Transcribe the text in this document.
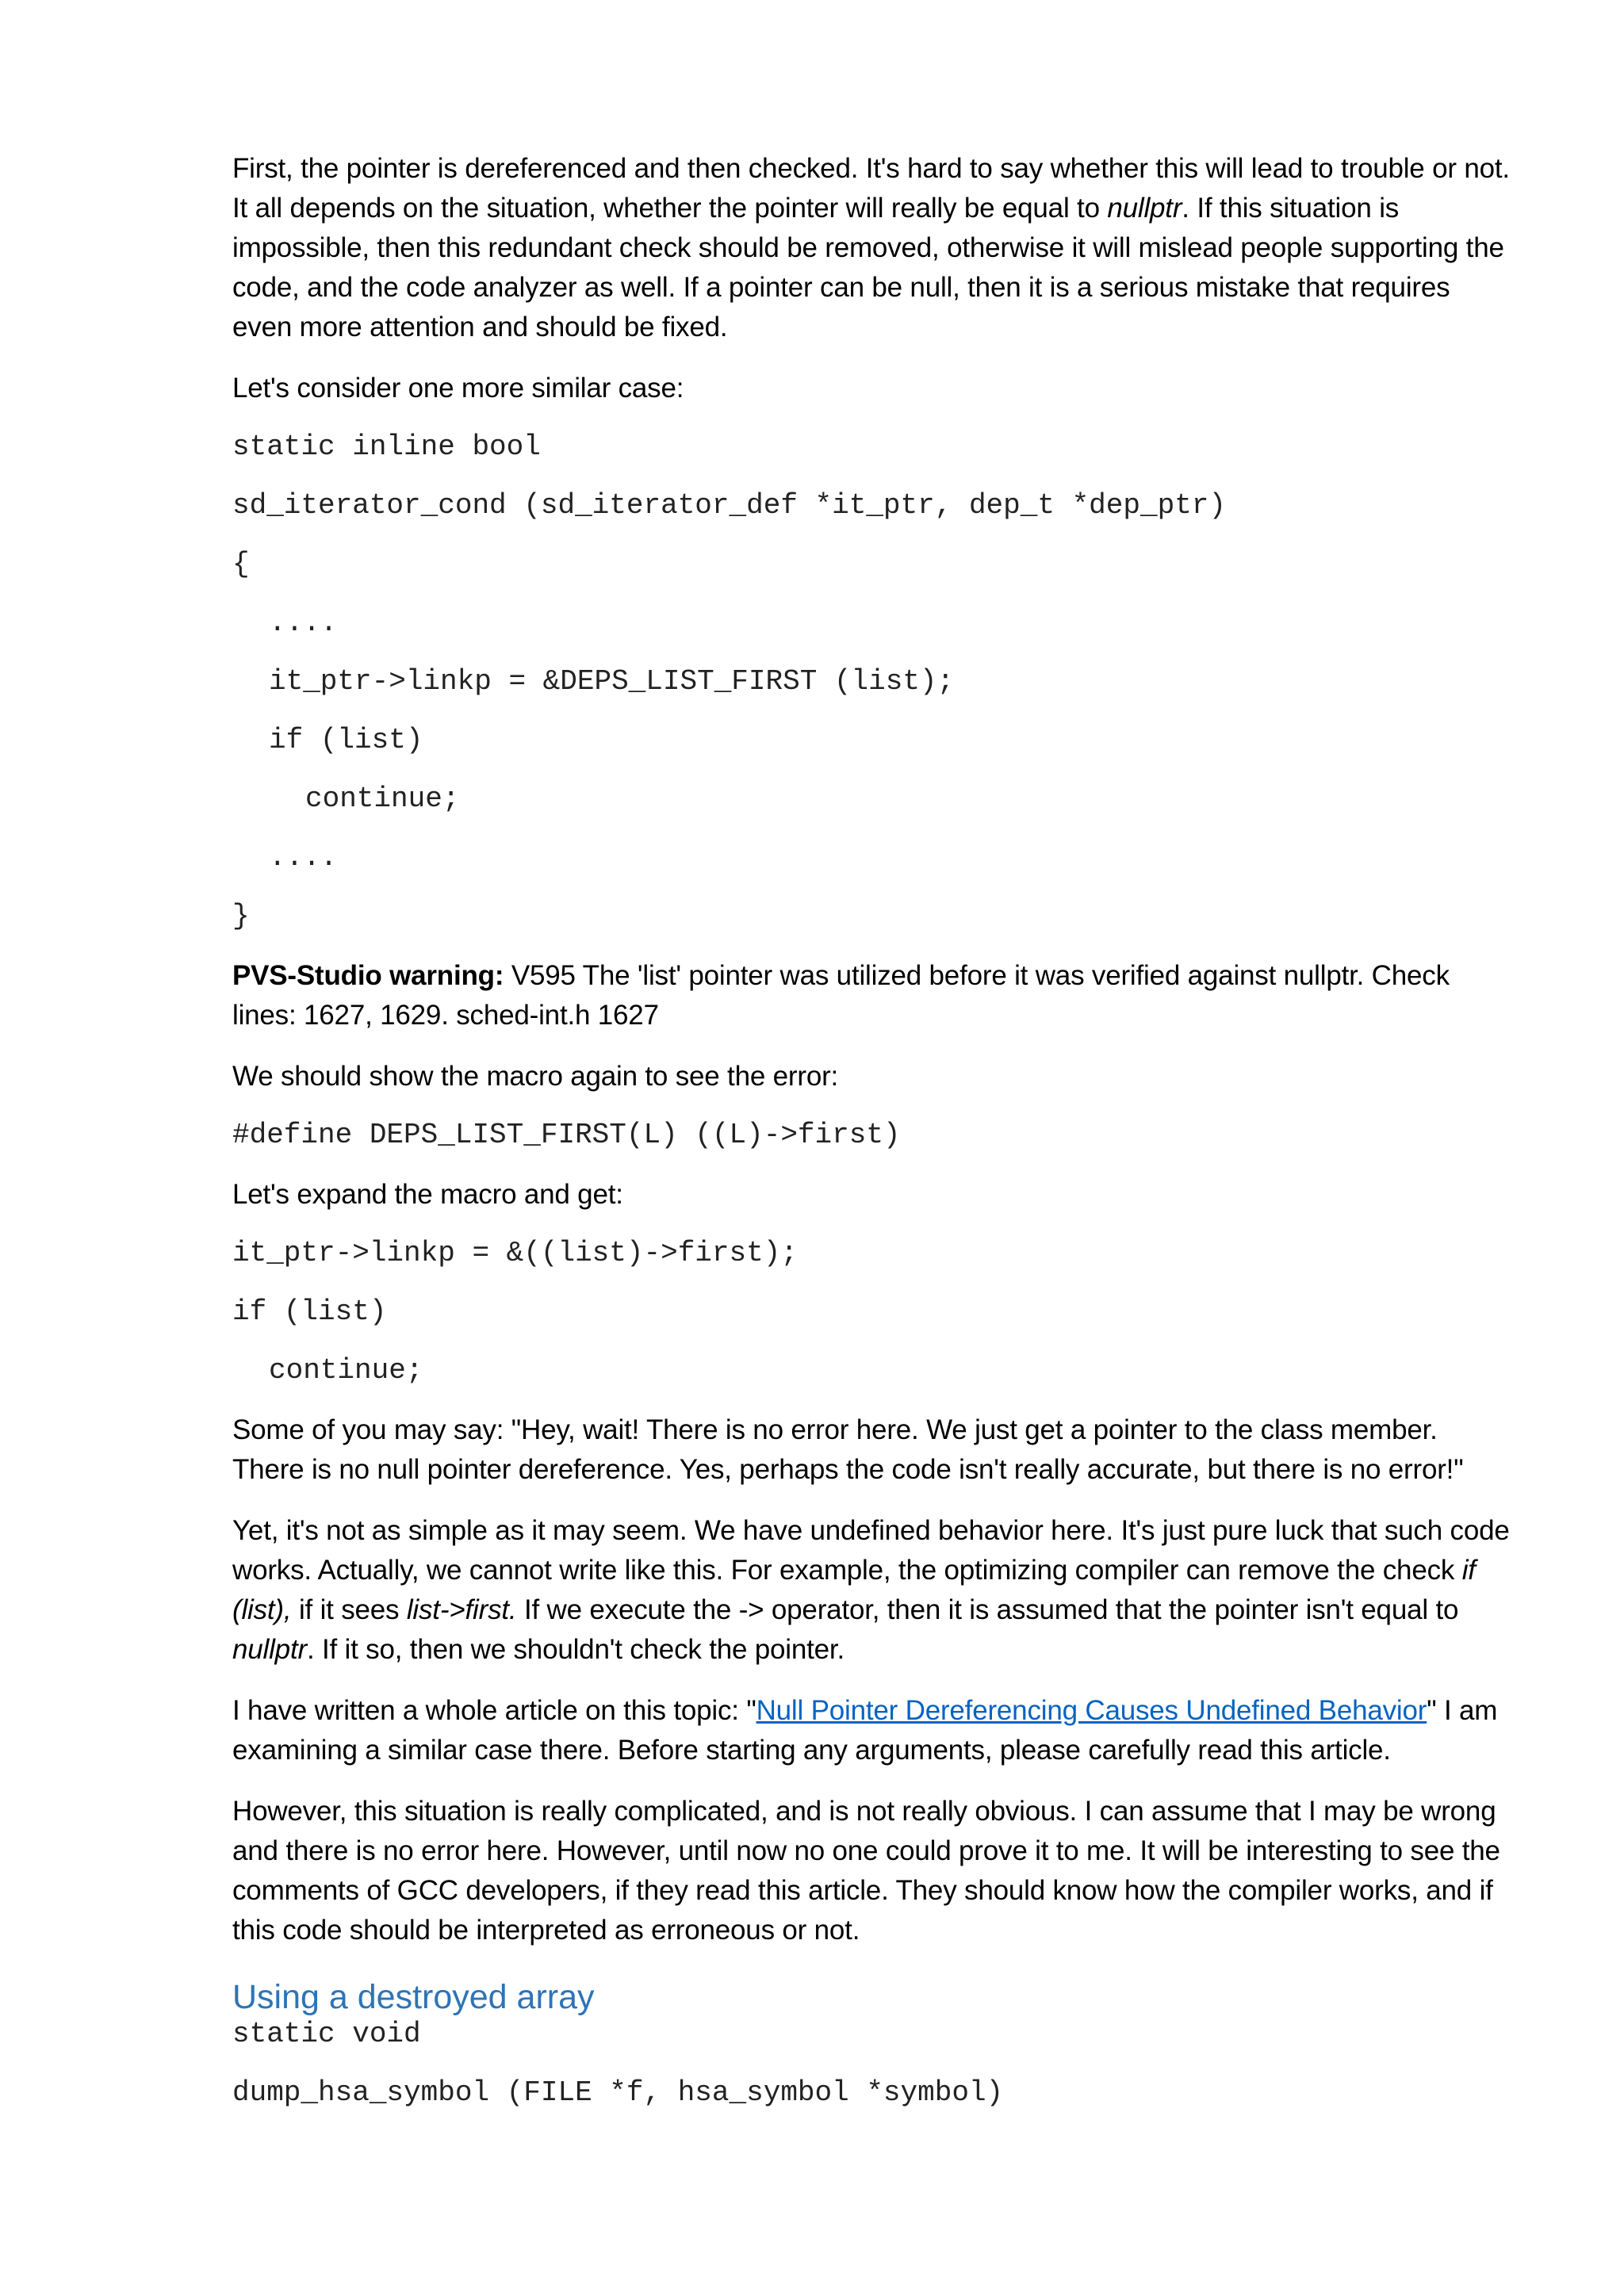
First, the pointer is dereferenced and then checked. It's hard to say whether this will lead to trouble or not. It all depends on the situation, whether the pointer will really be equal to nullptr. If this situation is impossible, then this redundant check should be removed, otherwise it will mislead people supporting the code, and the code analyzer as well. If a pointer can be null, then it is a serious mistake that requires even more attention and should be fixed.

Let's consider one more similar case:

static inline bool
sd_iterator_cond (sd_iterator_def *it_ptr, dep_t *dep_ptr)
{
....
it_ptr->linkp = &DEPS_LIST_FIRST (list);
if (list)
continue;
....
}

PVS-Studio warning: V595 The 'list' pointer was utilized before it was verified against nullptr. Check lines: 1627, 1629. sched-int.h 1627

We should show the macro again to see the error:

#define DEPS_LIST_FIRST(L) ((L)->first)

Let's expand the macro and get:

it_ptr->linkp = &((list)->first);
if (list)
continue;

Some of you may say: "Hey, wait! There is no error here. We just get a pointer to the class member. There is no null pointer dereference. Yes, perhaps the code isn't really accurate, but there is no error!"

Yet, it's not as simple as it may seem. We have undefined behavior here. It's just pure luck that such code works. Actually, we cannot write like this. For example, the optimizing compiler can remove the check if (list), if it sees list->first. If we execute the -> operator, then it is assumed that the pointer isn't equal to nullptr. If it so, then we shouldn't check the pointer.

I have written a whole article on this topic: "Null Pointer Dereferencing Causes Undefined Behavior" I am examining a similar case there. Before starting any arguments, please carefully read this article.

However, this situation is really complicated, and is not really obvious. I can assume that I may be wrong and there is no error here. However, until now no one could prove it to me. It will be interesting to see the comments of GCC developers, if they read this article. They should know how the compiler works, and if this code should be interpreted as erroneous or not.

Using a destroyed array
static void
dump_hsa_symbol (FILE *f, hsa_symbol *symbol)
